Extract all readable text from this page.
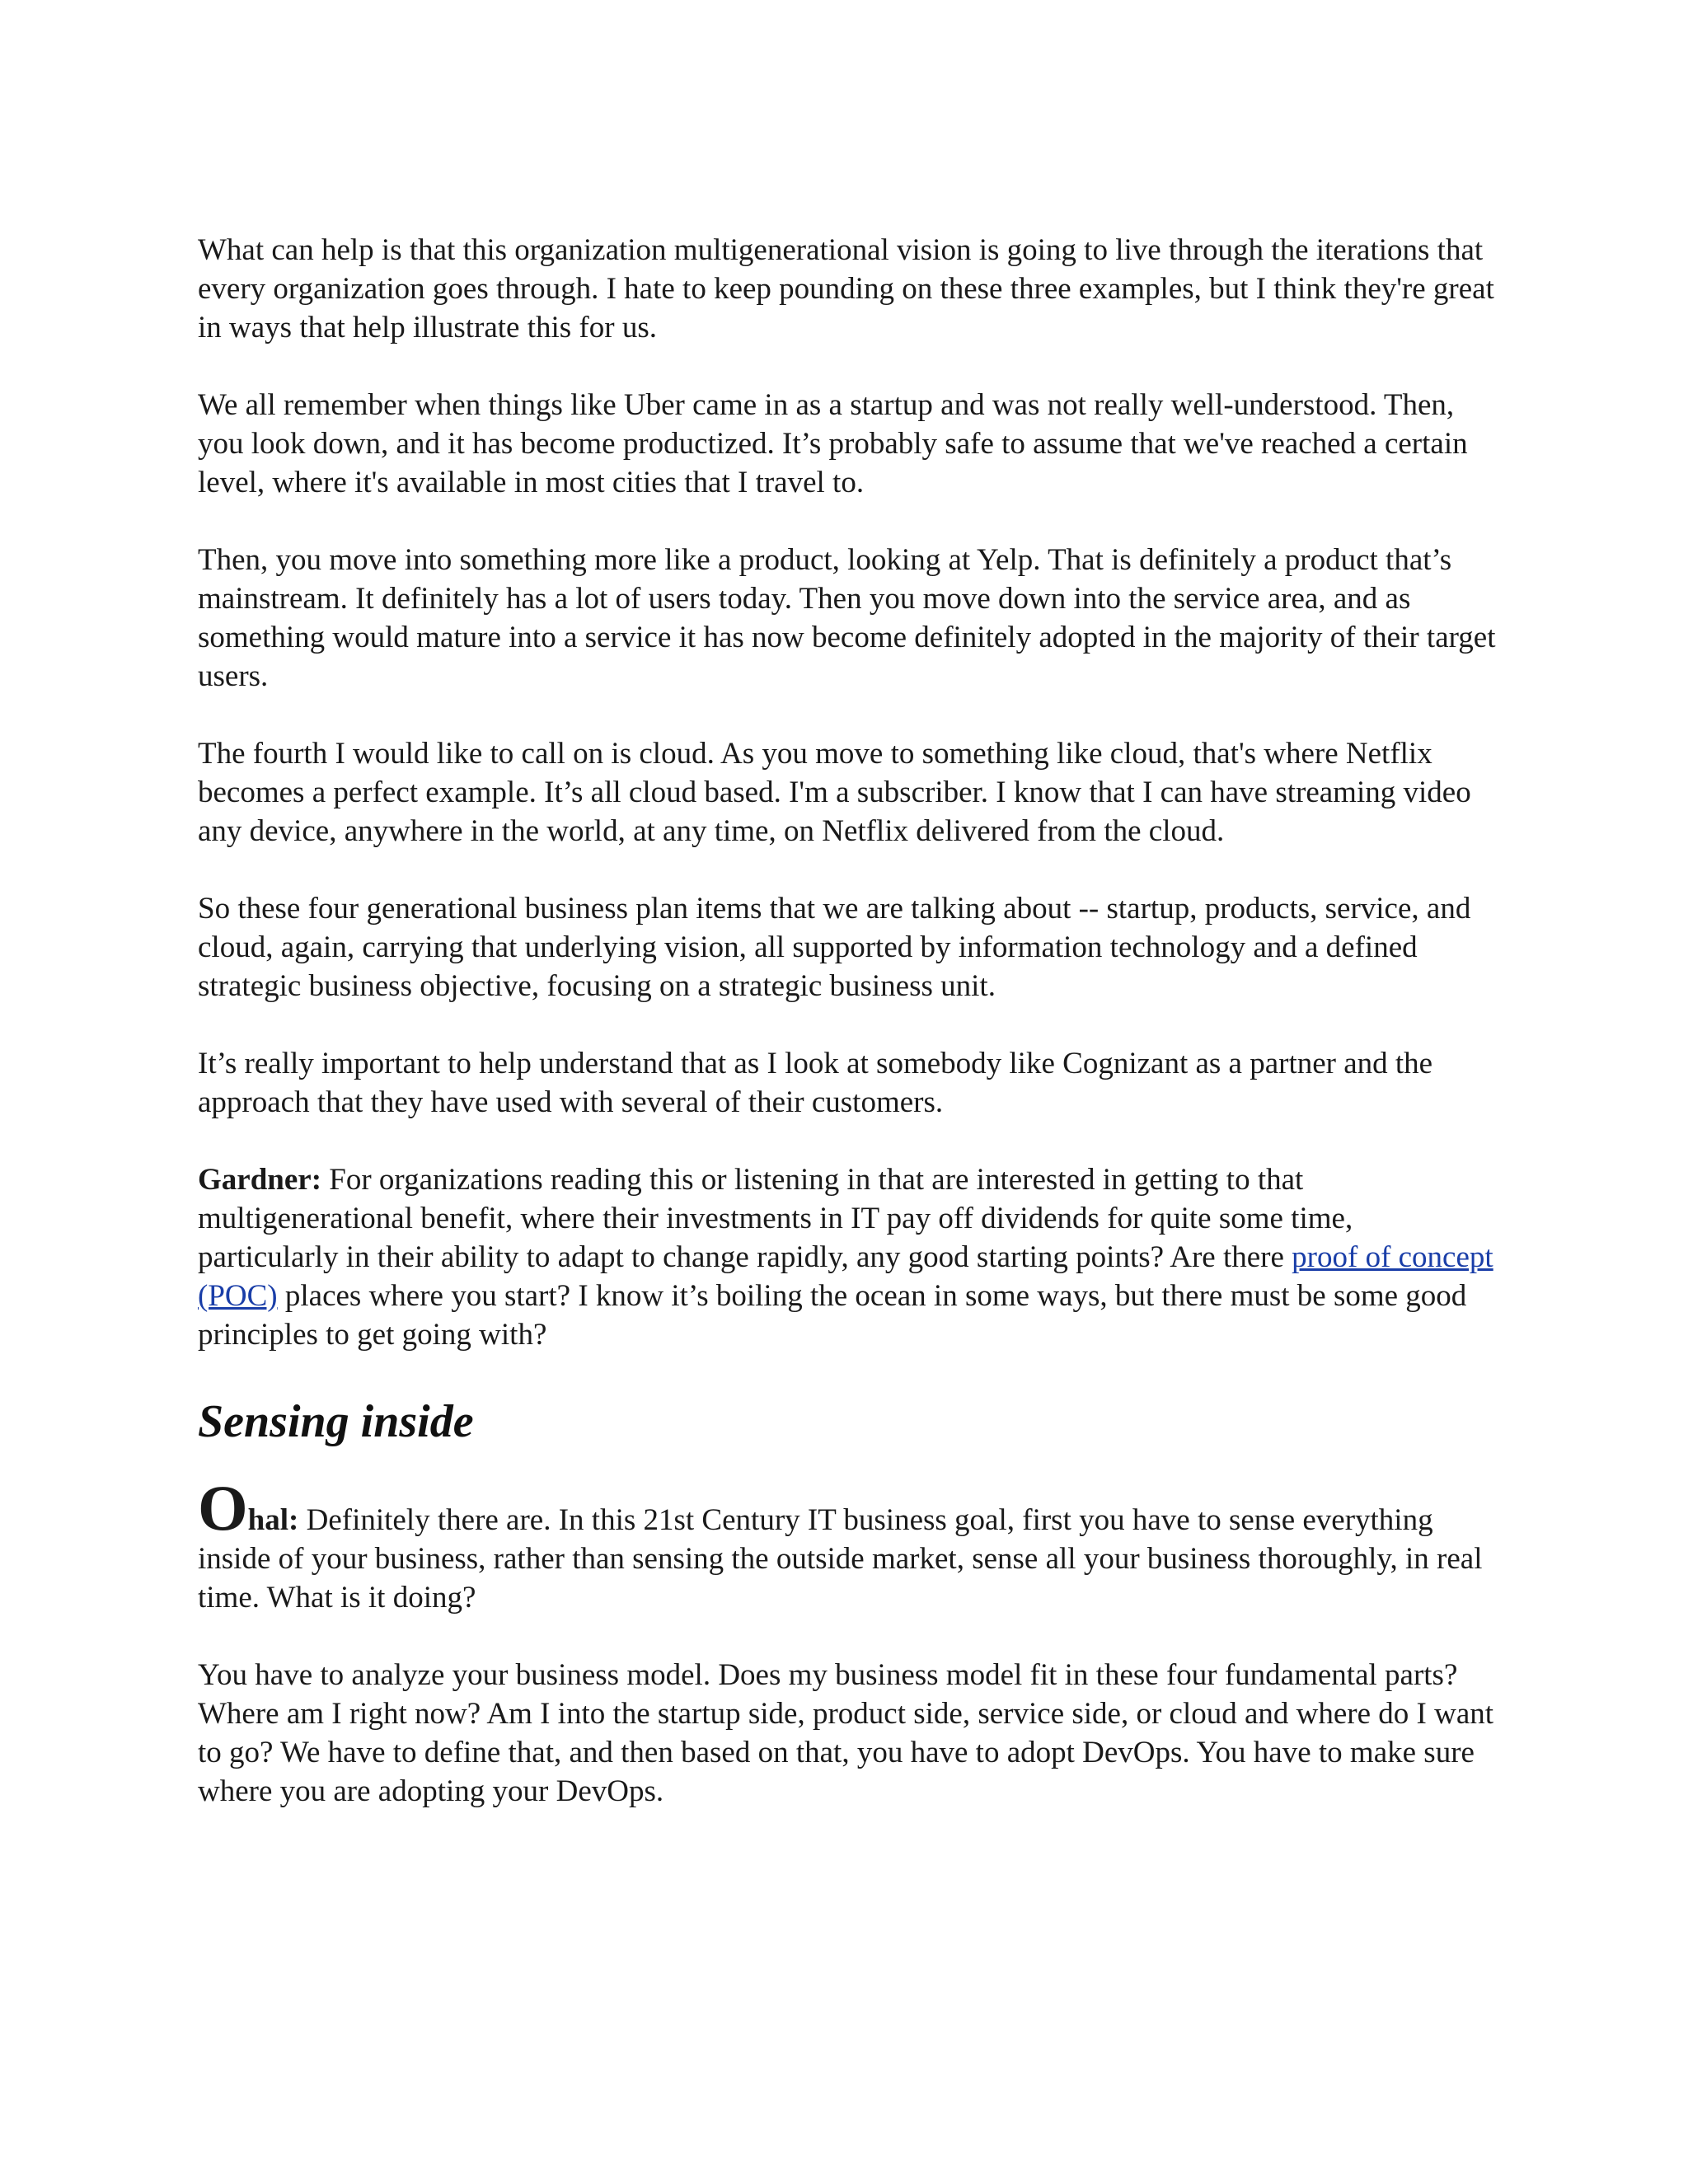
What can help is that this organization multigenerational vision is going to live through the iterations that every organization goes through. I hate to keep pounding on these three examples, but I think they're great in ways that help illustrate this for us.

We all remember when things like Uber came in as a startup and was not really well-understood. Then, you look down, and it has become productized. It’s probably safe to assume that we've reached a certain level, where it's available in most cities that I travel to.

Then, you move into something more like a product, looking at Yelp. That is definitely a product that’s mainstream. It definitely has a lot of users today. Then you move down into the service area, and as something would mature into a service it has now become definitely adopted in the majority of their target users.

The fourth I would like to call on is cloud. As you move to something like cloud, that's where Netflix becomes a perfect example. It’s all cloud based. I'm a subscriber. I know that I can have streaming video any device, anywhere in the world, at any time, on Netflix delivered from the cloud.

So these four generational business plan items that we are talking about -- startup, products, service, and cloud, again, carrying that underlying vision, all supported by information technology and a defined strategic business objective, focusing on a strategic business unit.

It’s really important to help understand that as I look at somebody like Cognizant as a partner and the approach that they have used with several of their customers.

Gardner: For organizations reading this or listening in that are interested in getting to that multigenerational benefit, where their investments in IT pay off dividends for quite some time, particularly in their ability to adapt to change rapidly, any good starting points? Are there proof of concept (POC) places where you start? I know it’s boiling the ocean in some ways, but there must be some good principles to get going with?

Sensing inside

Ohal: Definitely there are. In this 21st Century IT business goal, first you have to sense everything inside of your business, rather than sensing the outside market, sense all your business thoroughly, in real time. What is it doing?

You have to analyze your business model. Does my business model fit in these four fundamental parts? Where am I right now? Am I into the startup side, product side, service side, or cloud and where do I want to go? We have to define that, and then based on that, you have to adopt DevOps. You have to make sure where you are adopting your DevOps.
